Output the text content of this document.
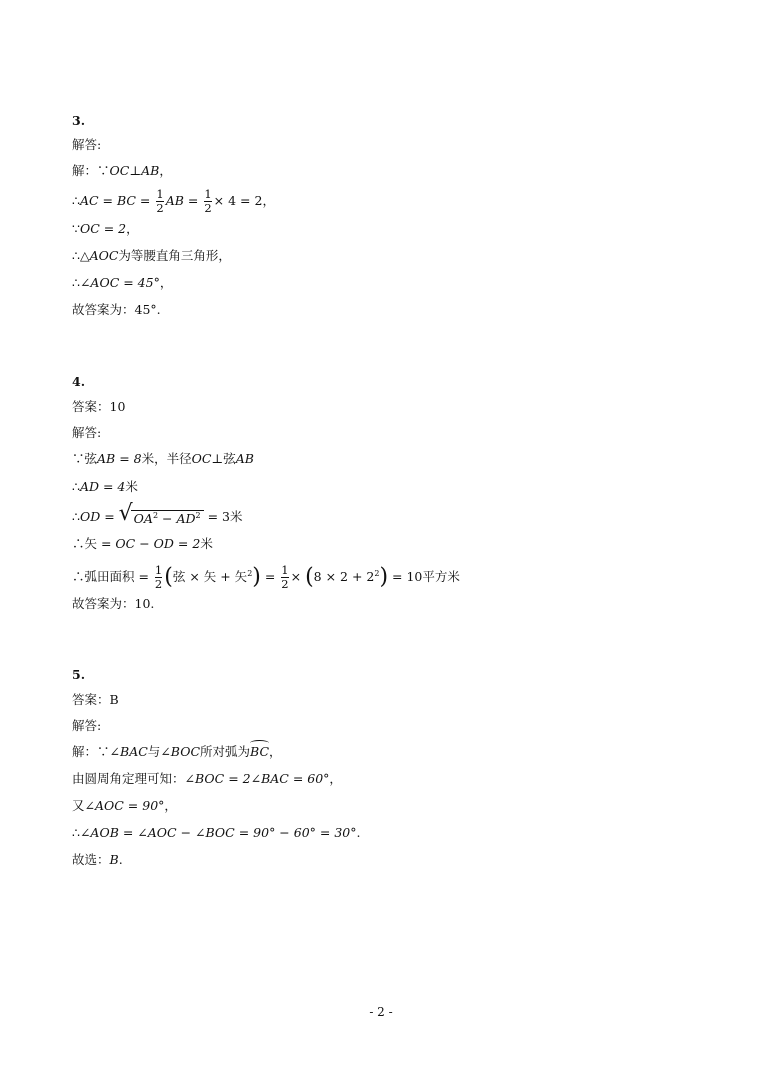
3.
解答:
解：∵OC⊥AB，
∴AC = BC = $\frac{1}{2}$ AB = $\frac{1}{2} \times 4 = 2$，
∵OC = 2，
∴△AOC为等腰直角三角形，
∴∠AOC = 45°，
故答案为：45°.
4.
答案：10
解答:
∵弦AB = 8米，半径OC⊥弦AB
∴AD = 4米
∴OD = √ $OA^2 - AD^2 = 3$米
∴矢 = OC − OD = 2米
∴弧田面积 = $\frac{1}{2}$ (弦 × 矢 + 矢$^2) = \frac{1}{2} \times (8 \times 2 + 2^2) = 10$平方米
故答案为：10.
5.
答案：B
解答:
解：∵∠BAC与∠BOC所对弧为BC，
由圆周角定理可知：∠BOC = 2∠BAC = 60°，
又∠AOC = 90°，
∴∠AOB = ∠AOC − ∠BOC = 90° − 60° = 30°.
故选：B.
- 2 -
